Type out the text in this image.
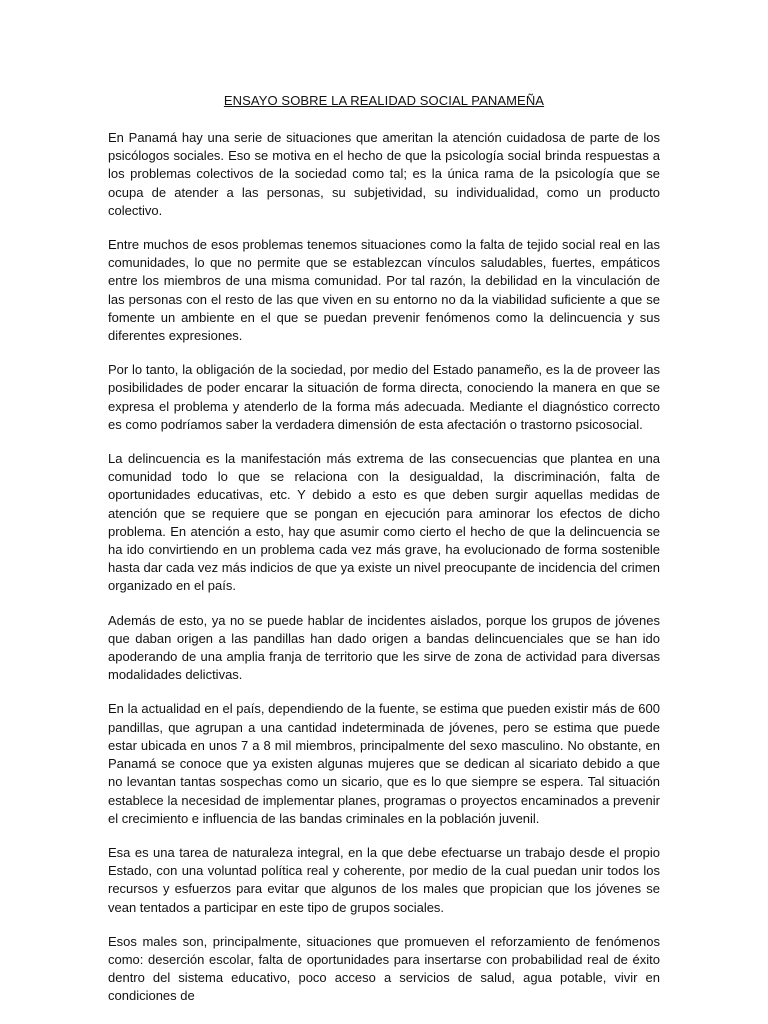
ENSAYO SOBRE LA REALIDAD SOCIAL PANAMEÑA

En Panamá hay una serie de situaciones que ameritan la atención cuidadosa de parte de los psicólogos sociales. Eso se motiva en el hecho de que la psicología social brinda respuestas a los problemas colectivos de la sociedad como tal; es la única rama de la psicología que se ocupa de atender a las personas, su subjetividad, su individualidad, como un producto colectivo.

Entre muchos de esos problemas tenemos situaciones como la falta de tejido social real en las comunidades, lo que no permite que se establezcan vínculos saludables, fuertes, empáticos entre los miembros de una misma comunidad. Por tal razón, la debilidad en la vinculación de las personas con el resto de las que viven en su entorno no da la viabilidad suficiente a que se fomente un ambiente en el que se puedan prevenir fenómenos como la delincuencia y sus diferentes expresiones.

Por lo tanto, la obligación de la sociedad, por medio del Estado panameño, es la de proveer las posibilidades de poder encarar la situación de forma directa, conociendo la manera en que se expresa el problema y atenderlo de la forma más adecuada. Mediante el diagnóstico correcto es como podríamos saber la verdadera dimensión de esta afectación o trastorno psicosocial.

La delincuencia es la manifestación más extrema de las consecuencias que plantea en una comunidad todo lo que se relaciona con la desigualdad, la discriminación, falta de oportunidades educativas, etc. Y debido a esto es que deben surgir aquellas medidas de atención que se requiere que se pongan en ejecución para aminorar los efectos de dicho problema. En atención a esto, hay que asumir como cierto el hecho de que la delincuencia se ha ido convirtiendo en un problema cada vez más grave, ha evolucionado de forma sostenible hasta dar cada vez más indicios de que ya existe un nivel preocupante de incidencia del crimen organizado en el país.

Además de esto, ya no se puede hablar de incidentes aislados, porque los grupos de jóvenes que daban origen a las pandillas han dado origen a bandas delincuenciales que se han ido apoderando de una amplia franja de territorio que les sirve de zona de actividad para diversas modalidades delictivas.

En la actualidad en el país, dependiendo de la fuente, se estima que pueden existir más de 600 pandillas, que agrupan a una cantidad indeterminada de jóvenes, pero se estima que puede estar ubicada en unos 7 a 8 mil miembros, principalmente del sexo masculino. No obstante, en Panamá se conoce que ya existen algunas mujeres que se dedican al sicariato debido a que no levantan tantas sospechas como un sicario, que es lo que siempre se espera. Tal situación establece la necesidad de implementar planes, programas o proyectos encaminados a prevenir el crecimiento e influencia de las bandas criminales en la población juvenil.

Esa es una tarea de naturaleza integral, en la que debe efectuarse un trabajo desde el propio Estado, con una voluntad política real y coherente, por medio de la cual puedan unir todos los recursos y esfuerzos para evitar que algunos de los males que propician que los jóvenes se vean tentados a participar en este tipo de grupos sociales.

Esos males son, principalmente, situaciones que promueven el reforzamiento de fenómenos como: deserción escolar, falta de oportunidades para insertarse con probabilidad real de éxito dentro del sistema educativo, poco acceso a servicios de salud, agua potable, vivir en condiciones de
